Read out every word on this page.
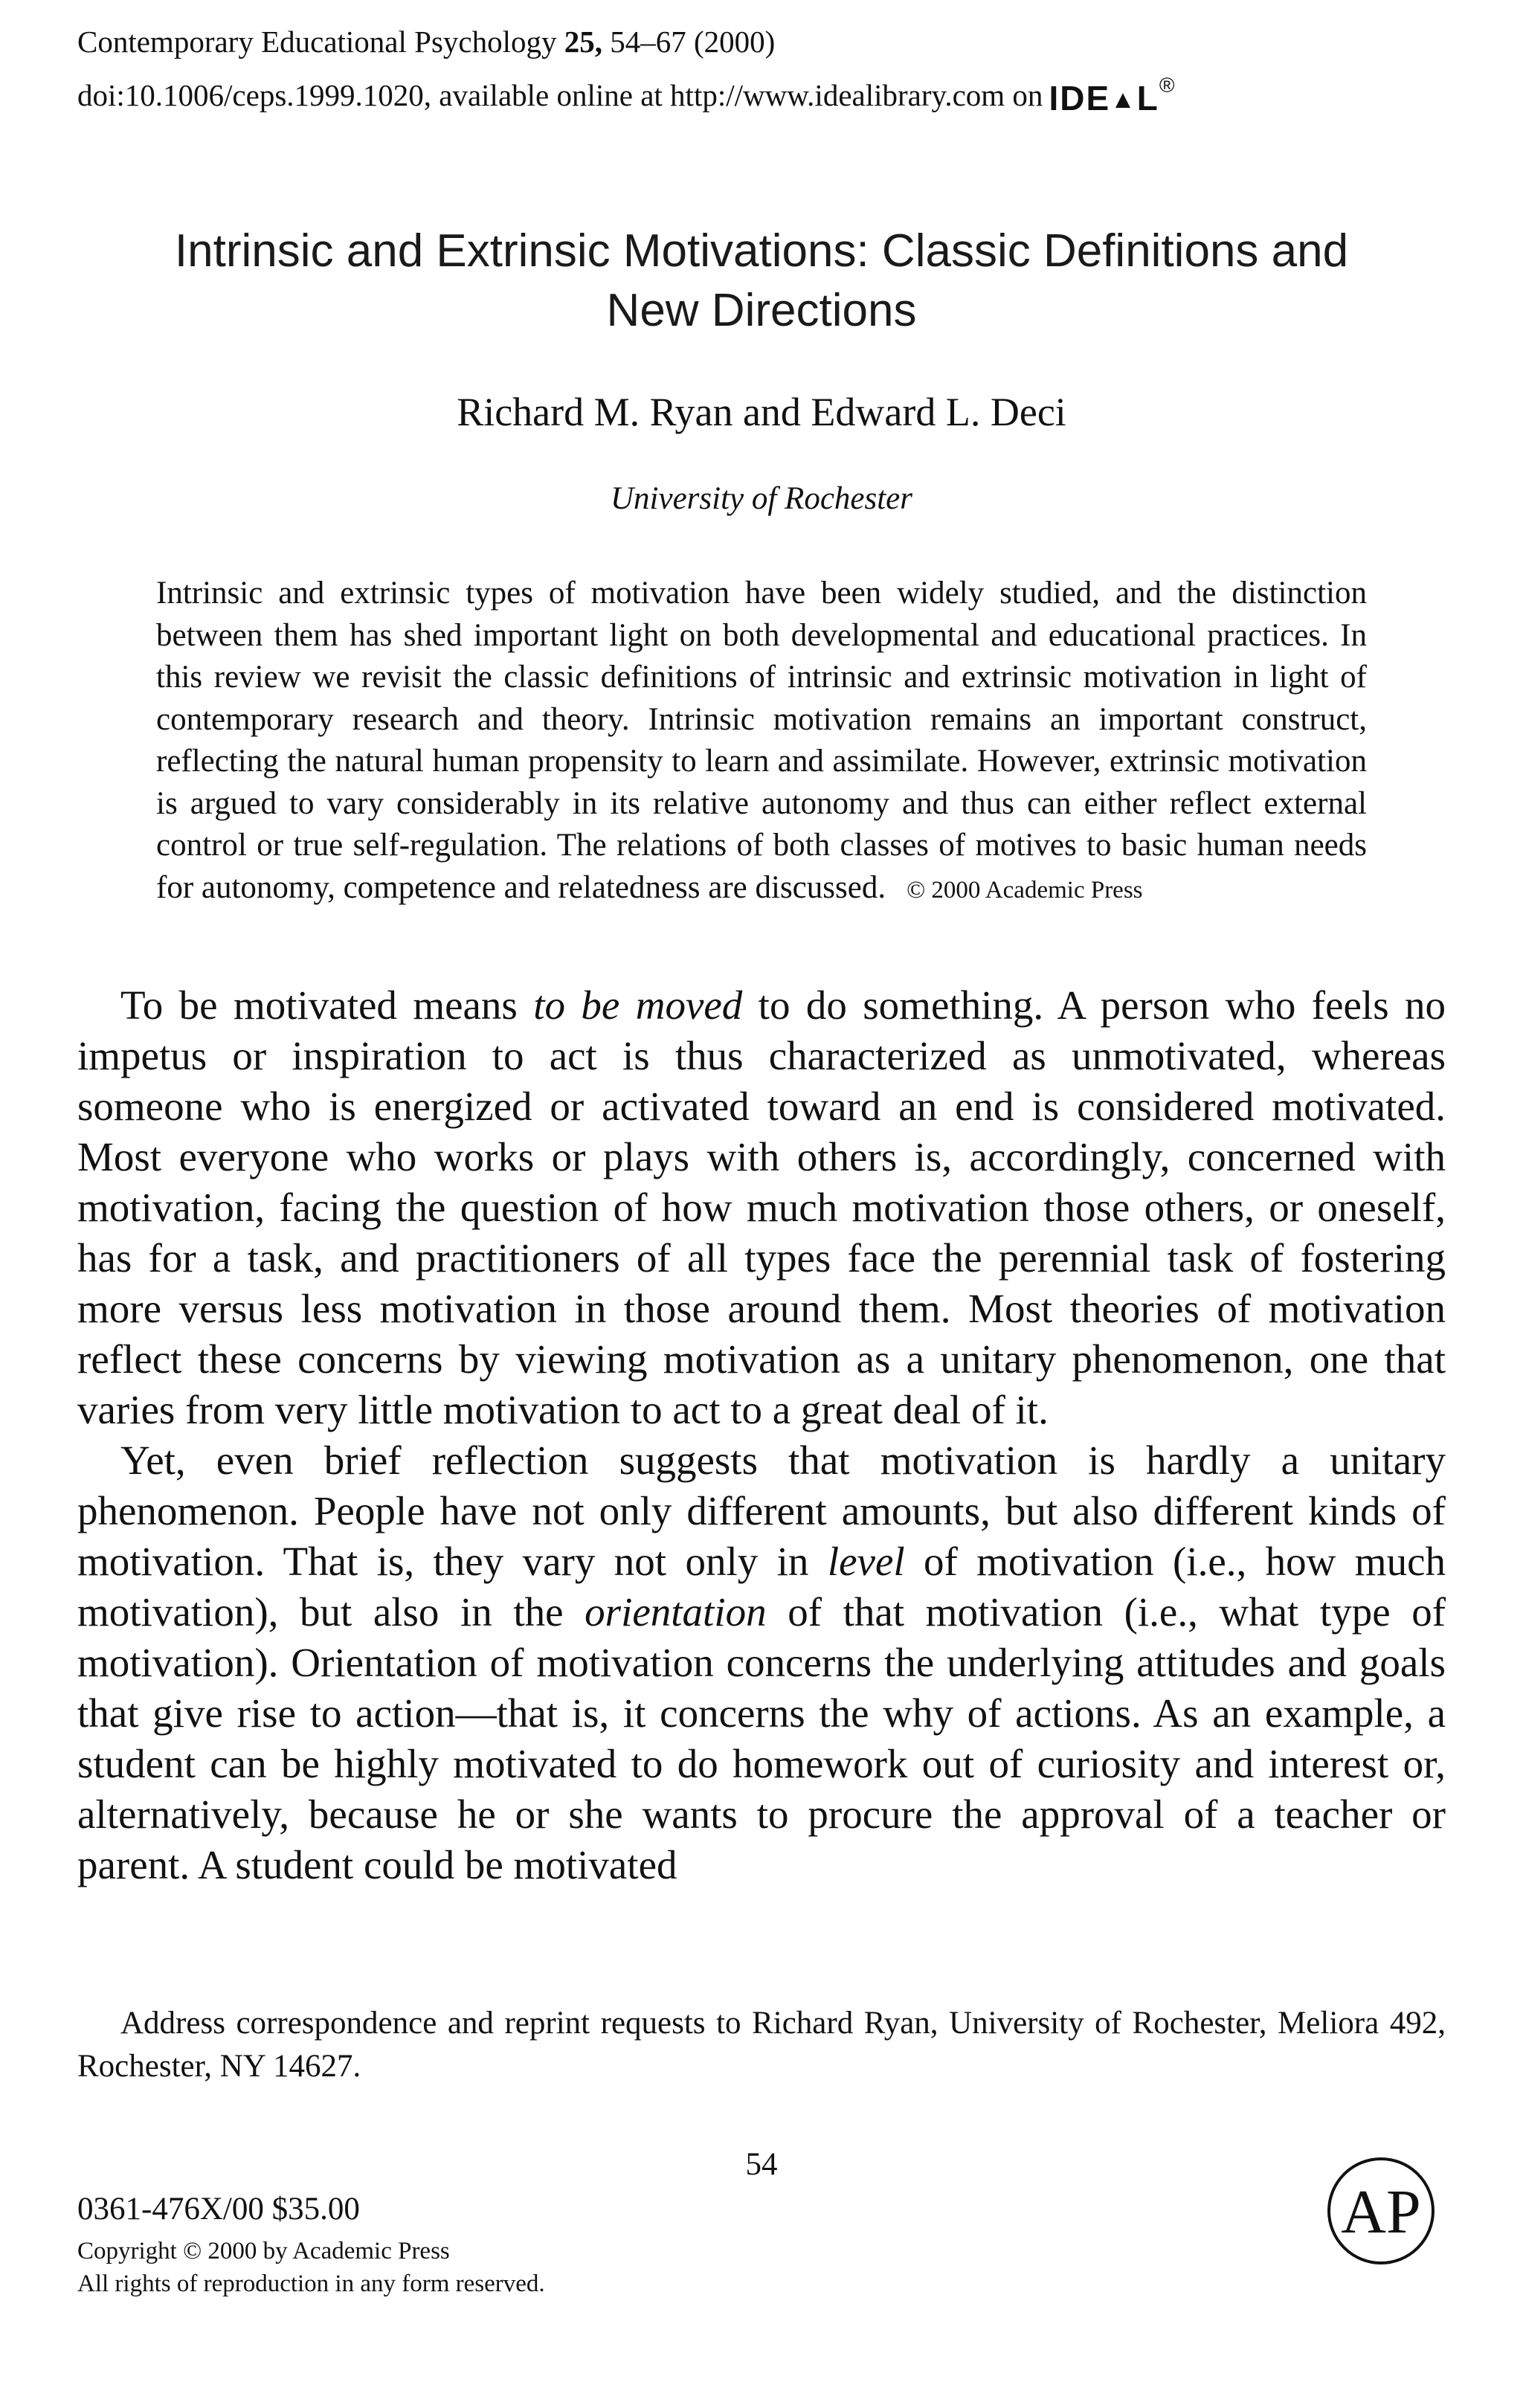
Contemporary Educational Psychology 25, 54–67 (2000)
doi:10.1006/ceps.1999.1020, available online at http://www.idealibrary.com on IDE▲L®
Intrinsic and Extrinsic Motivations: Classic Definitions and
New Directions
Richard M. Ryan and Edward L. Deci
University of Rochester
Intrinsic and extrinsic types of motivation have been widely studied, and the distinction between them has shed important light on both developmental and educational practices. In this review we revisit the classic definitions of intrinsic and extrinsic motivation in light of contemporary research and theory. Intrinsic motivation remains an important construct, reflecting the natural human propensity to learn and assimilate. However, extrinsic motivation is argued to vary considerably in its relative autonomy and thus can either reflect external control or true self-regulation. The relations of both classes of motives to basic human needs for autonomy, competence and relatedness are discussed. © 2000 Academic Press

To be motivated means to be moved to do something. A person who feels no impetus or inspiration to act is thus characterized as unmotivated, whereas someone who is energized or activated toward an end is considered motivated. Most everyone who works or plays with others is, accordingly, concerned with motivation, facing the question of how much motivation those others, or oneself, has for a task, and practitioners of all types face the perennial task of fostering more versus less motivation in those around them. Most theories of motivation reflect these concerns by viewing motivation as a unitary phenomenon, one that varies from very little motivation to act to a great deal of it.

Yet, even brief reflection suggests that motivation is hardly a unitary phenomenon. People have not only different amounts, but also different kinds of motivation. That is, they vary not only in level of motivation (i.e., how much motivation), but also in the orientation of that motivation (i.e., what type of motivation). Orientation of motivation concerns the underlying attitudes and goals that give rise to action—that is, it concerns the why of actions. As an example, a student can be highly motivated to do homework out of curiosity and interest or, alternatively, because he or she wants to procure the approval of a teacher or parent. A student could be motivated

Address correspondence and reprint requests to Richard Ryan, University of Rochester, Meliora 492, Rochester, NY 14627.
54
0361-476X/00 $35.00
Copyright © 2000 by Academic Press
All rights of reproduction in any form reserved.
AP
